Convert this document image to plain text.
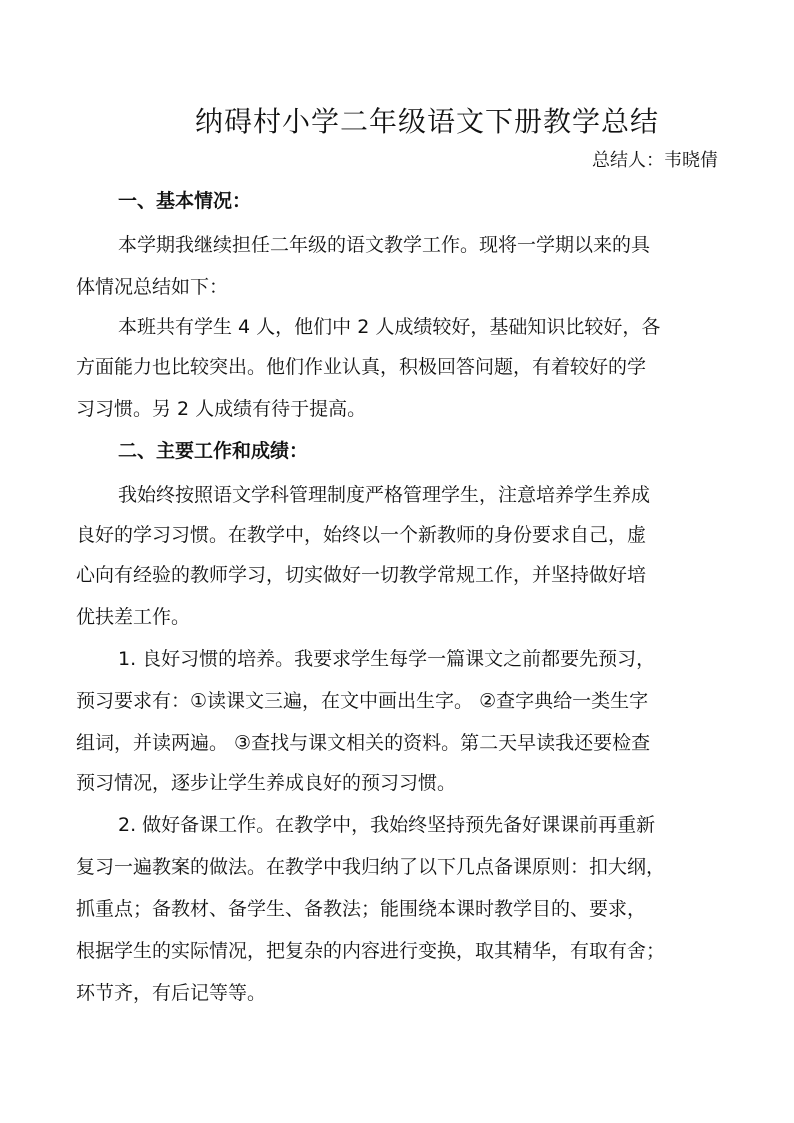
纳碍村小学二年级语文下册教学总结
总结人：韦晓倩
一、基本情况：
本学期我继续担任二年级的语文教学工作。现将一学期以来的具
体情况总结如下：
本班共有学生 4 人，他们中 2 人成绩较好，基础知识比较好，各
方面能力也比较突出。他们作业认真，积极回答问题，有着较好的学
习习惯。另 2 人成绩有待于提高。
二、主要工作和成绩：
我始终按照语文学科管理制度严格管理学生，注意培养学生养成
良好的学习习惯。在教学中，始终以一个新教师的身份要求自己，虚
心向有经验的教师学习，切实做好一切教学常规工作，并坚持做好培
优扶差工作。
1. 良好习惯的培养。我要求学生每学一篇课文之前都要先预习，
预习要求有：①读课文三遍，在文中画出生字。 ②查字典给一类生字
组词，并读两遍。 ③查找与课文相关的资料。第二天早读我还要检查
预习情况，逐步让学生养成良好的预习习惯。
2. 做好备课工作。在教学中，我始终坚持预先备好课课前再重新
复习一遍教案的做法。在教学中我归纳了以下几点备课原则：扣大纲，
抓重点；备教材、备学生、备教法；能围绕本课时教学目的、要求，
根据学生的实际情况，把复杂的内容进行变换，取其精华，有取有舍；
环节齐，有后记等等。
